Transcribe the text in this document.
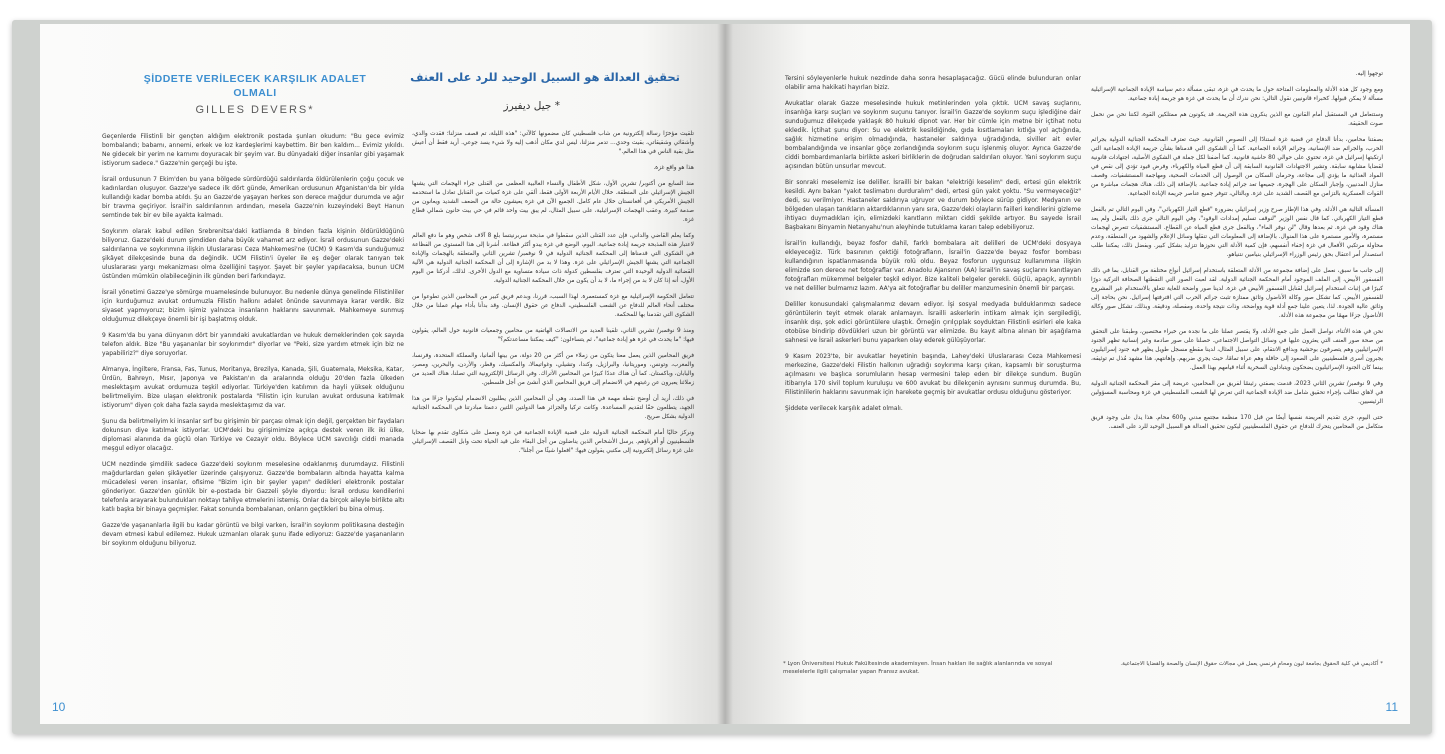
ŞİDDETE VERİLECEK KARŞILIK ADALET OLMALI
GILLES DEVERS*
تحقيق العدالة هو السبيل الوحيد للرد على العنف
* جيل ديفيرز

Geçenlerde Filistinli bir gençten aldığım elektronik postada şunları okudum: "Bu gece evimiz bombalandı; babamı, annemi, erkek ve kız kardeşlerimi kaybettim. Bir ben kaldım... Evimiz yıkıldı. Ne gidecek bir yerim ne karnımı doyuracak bir şeyim var. Bu dünyadaki diğer insanlar gibi yaşamak istiyorum sadece." Gazze'nin gerçeği bu işte.

İsrail ordusunun 7 Ekim'den bu yana bölgede sürdürdüğü saldırılarda öldürülenlerin çoğu çocuk ve kadınlardan oluşuyor. Gazze'ye sadece ilk dört günde, Amerikan ordusunun Afganistan'da bir yılda kullandığı kadar bomba atıldı. Şu an Gazze'de yaşayan herkes son derece mağdur durumda ve ağır bir travma geçiriyor. İsrail'in saldırılarının ardından, mesela Gazze'nin kuzeyindeki Beyt Hanun semtinde tek bir ev bile ayakta kalmadı.

Soykırım olarak kabul edilen Srebrenitsa'daki katliamda 8 binden fazla kişinin öldürüldüğünü biliyoruz. Gazze'deki durum şimdiden daha büyük vahamet arz ediyor. İsrail ordusunun Gazze'deki saldırılarına ve soykırımına ilişkin Uluslararası Ceza Mahkemesi'ne (UCM) 9 Kasım'da sunduğumuz şikâyet dilekçesinde buna da değindik. UCM Filistin'i üyeler ile eş değer olarak tanıyan tek uluslararası yargı mekanizması olma özelliğini taşıyor. Şayet bir şeyler yapılacaksa, bunun UCM üstünden mümkün olabileceğinin ilk günden beri farkındayız.

İsrail yönetimi Gazze'ye sömürge muamelesinde bulunuyor. Bu nedenle dünya genelinde Filistinliler için kurduğumuz avukat ordumuzla Filistin halkını adalet önünde savunmaya karar verdik. Biz siyaset yapmıyoruz; bizim işimiz yalnızca insanların haklarını savunmak. Mahkemeye sunmuş olduğumuz dilekçeye önemli bir işi başlatmış olduk.

9 Kasım'da bu yana dünyanın dört bir yanındaki avukatlardan ve hukuk derneklerinden çok sayıda telefon aldık. Bize "Bu yaşananlar bir soykırımdır" diyorlar ve "Peki, size yardım etmek için biz ne yapabiliriz?" diye soruyorlar.

Almanya, İngiltere, Fransa, Fas, Tunus, Moritanya, Brezilya, Kanada, Şili, Guatemala, Meksika, Katar, Ürdün, Bahreyn, Mısır, Japonya ve Pakistan'ın da aralarında olduğu 20'den fazla ülkeden meslektaşım avukat ordumuza teşkil ediyorlar. Türkiye'den katılımın da hayli yüksek olduğunu belirtmeliyim. Bize ulaşan elektronik postalarda "Filistin için kurulan avukat ordusuna katılmak istiyorum" diyen çok daha fazla sayıda meslektaşımız da var.

Şunu da belirtmeliyim ki insanlar sırf bu girişimin bir parçası olmak için değil, gerçekten bir faydaları dokunsun diye katılmak istiyorlar. UCM'deki bu girişimimize açıkça destek veren ilk iki ülke, diplomasi alanında da güçlü olan Türkiye ve Cezayir oldu. Böylece UCM savcılığı ciddi manada meşgul ediyor olacağız.

UCM nezdinde şimdilik sadece Gazze'deki soykırım meselesine odaklanmış durumdayız. Filistinli mağdurlardan gelen şikâyetler üzerinde çalışıyoruz. Gazze'de bombaların altında hayatta kalma mücadelesi veren insanlar, ofisime "Bizim için bir şeyler yapın" dedikleri elektronik postalar gönderiyor. Gazze'den günlük bir e-postada bir Gazzeli şöyle diyordu: İsrail ordusu kendilerini telefonla arayarak bulundukları noktayı tahliye etmelerini istemiş. Onlar da birçok aileyle birlikte altı katlı başka bir binaya geçmişler. Fakat sonunda bombalanan, onların geçtikleri bu bina olmuş.

Gazze'de yaşananlarla ilgili bu kadar görüntü ve bilgi varken, İsrail'in soykırım politikasına desteğin devam etmesi kabul edilemez. Hukuk uzmanları olarak şunu ifade ediyoruz: Gazze'de yaşananların bir soykırım olduğunu biliyoruz.

تلقيت مؤخرًا رسالة إلكترونية من شاب فلسطيني كان مضمونها كالآتي: "هذه الليلة، تم قصف منزلنا؛ فقدت والدي، وأشقائي وشقيقاتي، بقيت وحدي... تدمر منزلنا، ليس لدي مكان أذهب إليه ولا شيء يسد جوعي. أريد فقط أن أعيش مثل بقية الناس في هذا العالم."

هذا هو واقع غزة.

منذ السابع من أكتوبر/ تشرين الأول، شكل الأطفال والنساء الغالبية العظمى من القتلى جراء الهجمات التي يشنها الجيش الإسرائيلي على المنطقة. خلال الأيام الأربعة الأولى فقط، ألقي على غزة كميات من القنابل تعادل ما استخدمه الجيش الأمريكي في أفغانستان خلال عام كامل. الجميع الآن في غزة يعيشون حالة من الضعف الشديد ويعانون من صدمة كبيرة. وعقب الهجمات الإسرائيلية، على سبيل المثال، لم يبق بيت واحد قائم في حي بيت حانون شمالي قطاع غزة.

وكما يعلم القاضي والداني، فإن عدد القتلى الذين سقطوا في مذبحة سربرنيتسا بلغ 8 آلاف شخص وهو ما دفع العالم لاعتبار هذه المذبحة جريمة إبادة جماعية. اليوم، الوضع في غزة يبدو أكثر فظاعة. أشرنا إلى هذا المستوى من الفظاعة في الشكوى التي قدمناها إلى المحكمة الجنائية الدولية في 9 نوفمبر/ تشرين الثاني والمتعلقة بالهجمات والإبادة الجماعية التي يشنها الجيش الإسرائيلي على غزة. وهذا لا بد من الإشارة إلى أن المحكمة الجنائية الدولية هي الآلية القضائية الدولية الوحيدة التي تعترف بفلسطين كدولة ذات سيادة متساوية مع الدول الأخرى. لذلك، أدركنا من اليوم الأول، أنه إذا كان لا بد من إجراء ما، لا بد أن يكون من خلال المحكمة الجنائية الدولية.

تتعامل الحكومة الإسرائيلية مع غزة كمستعمرة. لهذا السبب، قررنا، وبدعم فريق كبير من المحامين الذين تطوعوا من مختلف أنحاء العالم للدفاع عن الشعب الفلسطيني، الدفاع عن حقوق الإنسان. وقد بدأنا بأداء مهام عملنا من خلال الشكوى التي تقدمنا بها للمحكمة.

ومنذ 9 نوفمبر/ تشرين الثاني، تلقينا العديد من الاتصالات الهاتفية من محامين وجمعيات قانونية حول العالم، يقولون فيها: "ما يحدث في غزة هو إبادة جماعية"، ثم يتساءلون: "كيف يمكننا مساعدتكم؟"

فريق المحامين الذين يعمل معنا يتكون من زملاء من أكثر من 20 دولة، من بينها ألمانيا، والمملكة المتحدة، وفرنسا، والمغرب، وتونس، وموريتانيا، والبرازيل، وكندا، وتشيلي، وغواتيمالا، والمكسيك، وقطر، والأردن، والبحرين، ومصر، واليابان، وباكستان. كما أن هناك عددًا كبيرًا من المحامين الأتراك. وفي الرسائل الإلكترونية التي تصلنا، هناك العديد من زملائنا يعبرون عن رغبتهم في الانضمام إلى فريق المحامين الذي أنشئ من أجل فلسطين.

في ذلك، أريد أن أوضح نقطة مهمة في هذا الصدد، وهي أن المحامين الذين يطلبون الانضمام لينكونوا جزءًا من هذا الجهد، يتطلعون حقًا لتقديم المساعدة. وكانت تركيا والجزائر هما الدولتين اللتين دعمتا مبادرتنا في المحكمة الجنائية الدولية بشكل صريح.

ونركز حاليًا أمام المحكمة الجنائية الدولية على قضية الإبادة الجماعية في غزة ونعمل على شكاوى تقدم بها ضحايا فلسطينيون أو أقرباؤهم. يرسل الأشخاص الذين يناضلون من أجل البقاء على قيد الحياة تحت وابل القصف الإسرائيلي على غزة رسائل إلكترونية إلى مكتبي يقولون فيها: "افعلوا شيئًا من أجلنا".

10

Tersini söyleyenlerle hukuk nezdinde daha sonra hesaplaşacağız. Gücü elinde bulunduran onlar olabilir ama hakikati hayırlan biziz.

Avukatlar olarak Gazze meselesinde hukuk metinlerinden yola çıktık. UCM savaş suçlarını, insanlığa karşı suçları ve soykırım suçunu tanıyor. İsrail'in Gazze'de soykırım suçu işlediğine dair sunduğumuz dilekçede yaklaşık 80 hukuki dipnot var. Her bir cümle için metne bir içtihat notu ekledik. İçtihat şunu diyor: Su ve elektrik kesildiğinde, gıda kısıtlamaları kıtlığa yol açtığında, sağlık hizmetine erişim olmadığında, hastaneler saldırıya uğradığında, siviller ait evler bombalandığında ve insanlar göçe zorlandığında soykırım suçu işlenmiş oluyor. Ayrıca Gazze'de ciddi bombardımanlarla birlikte askeri birliklerin de doğrudan saldırıları oluyor. Yani soykırım suçu açısından bütün unsurlar mevcut.

Bir sonraki meselemiz ise deliller. İsrailli bir bakan "elektriği keseli̇m" dedi, ertesi gün elektrik kesildi. Aynı bakan "yakıt teslimatını durduralım" dedi, ertesi gün yakıt yoktu. "Su vermeyeceğiz" dedi, su verilmiyor. Hastaneler saldırıya uğruyor ve durum böylece sürüp gidiyor. Medyanın ve bölgeden ulaşan tanıkların aktardıklarının yanı sıra, Gazze'deki olayların failleri kendilerini gizleme ihtiyacı duymadıkları için, elimizdeki kanıtların miktarı ciddi şekilde artıyor. Bu sayede İsrail Başbakanı Binyamin Netanyahu'nun aleyhinde tutuklama kararı talep edebiliyoruz.

İsrail'in kullandığı, beyaz fosfor dahil, farklı bombalara ait delilleri de UCM'deki dosyaya ekleyeceğiz. Türk basınının çektiği fotoğrafların, İsrail'in Gazze'de beyaz fosfor bombası kullandığının ispatlanmasında büyük rolü oldu. Beyaz fosforun uygunsuz kullanımına ilişkin elimizde son derece net fotoğraflar var. Anadolu Ajansının (AA) İsrail'in savaş suçlarını kanıtlayan fotoğrafları mükemmel belgeler teşkil ediyor. Bize kaliteli belgeler gerekli. Güçlü, apaçık, ayrıntılı ve net deliller bulmamız lazım. AA'ya ait fotoğraflar bu deliller manzumesinin önemli bir parçası.

Deliller konusundaki çalışmalarımız devam ediyor. İşi sosyal medyada bulduklarımızı sadece görüntülerin teyit etmek olarak anlamayın. İsrailli askerlerin intikam almak için sergilediği, insanlık dışı, şok edici görüntülere ulaştık. Örneğin çırılçıplak soyduktan Filistinli esirleri ele kaka otobüse bindirip dövdükleri uzun bir görüntü var elimizde. Bu kayıt altına alınan bir aşağılama sahnesi ve İsrail askerleri bunu yaparken olay ederek gülüşüyorlar.

9 Kasım 2023'te, bir avukatlar heyetinin başında, Lahey'deki Uluslararası Ceza Mahkemesi merkezine, Gazze'deki Filistin halkının uğradığı soykırıma karşı çıkan, kapsamlı bir soruşturma açılmasını ve başlıca sorumluların hesap vermesini talep eden bir dilekçe sundum. Bugün itibarıyla 170 sivil toplum kuruluşu ve 600 avukat bu dilekçenin aynısını sunmuş durumda. Bu, Filistinlilerin haklarını savunmak için harekete geçmiş bir avukatlar ordusu olduğunu gösteriyor.

Şiddete verilecek karşılık adalet olmalı.

* Lyon Üniversitesi Hukuk Fakültesinde akademisyen. İnsan hakları ile sağlık alanlarında ve sosyal meselelerle ilgili çalışmalar yapan Fransız avukat.

توجهوا إليه.

ومع وجود كل هذه الأدلة والمعلومات المتاحة حول ما يحدث في غزة، تبقى مسألة دعم سياسة الإبادة الجماعية الإسرائيلية مسألة لا يمكن قبولها. كخبراء قانونيين نقول التالي: نحن ندرك أن ما يحدث في غزة هو جريمة إبادة جماعية.

وستتعامل في المستقبل أمام القانون مع الذين ينكرون هذه الجريمة. قد يكونون هم ممتلكين القوة، لكننا نحن من نحمل صوت الحقيقة.

بصفتنا محامين، بدأنا الدفاع عن قضية غزة استنادًا إلى النصوص القانونية. حيث تعترف المحكمة الجنائية الدولية بجرائم الحرب، والجرائم ضد الإنسانية، وجرائم الإبادة الجماعية. كما أن الشكوى التي قدمناها بشأن جريمة الإبادة الجماعية التي ارتكبتها إسرائيل في غزة، تحتوي على حوالي 80 حاشية قانونية. كما أضفنا لكل جملة في الشكوى الأصلية، اجتهادات قانونية لقضايا مشابهة سابقة. وتشير الاجتهادات القانونية السابقة إلى أن قطع المياه والكهرباء، وفرض قيود تؤدي إلى نقص في المواد الغذائية ما يؤدي إلى مجاعة، وحرمان السكان من الوصول إلى الخدمات الصحية، ومهاجمة المستشفيات، وقصف منازل المدنيين، وإجبار السكان على الهجرة، جميعها تعد جرائم إبادة جماعية. بالإضافة إلى ذلك، هناك هجمات مباشرة من القوات العسكرية بالتزامن مع القصف الشديد على غزة. وبالتالي، تتوفر جميع عناصر جريمة الإبادة الجماعية.

المسألة التالية هي الأدلة. وفي هذا الإطار صرح وزير إسرائيلي بضرورة "قطع التيار الكهربائي"، وفي اليوم التالي تم بالفعل قطع التيار الكهربائي. كما قال نفس الوزير "لنوقف تسليم إمدادات الوقود"، وفي اليوم التالي جرى ذلك بالفعل ولم يعد هناك وقود في غزة. ثم بعدها وقال "لن نوفر الماء"، وبالفعل جرى قطع المياه عن القطاع. المستشفيات تتعرض لهجمات مستمرة، والأمور مستمرة على هذا المنوال. بالإضافة إلى المعلومات التي تنقلها وسائل الإعلام والشهود من المنطقة، وعدم محاولة مرتكبي الأفعال في غزة إخفاء أنفسهم، فإن كمية الأدلة التي نحوزها تتزايد بشكل كبير. وبفضل ذلك، يمكننا طلب استصدار أمر اعتقال بحق رئيس الوزراء الإسرائيلي بنيامين نتنياهو.

إلى جانب ما سبق، نعمل على إضافة مجموعة من الأدلة المتعلقة باستخدام إسرائيل أنواع مختلفة من القنابل، بما في ذلك الفسفور الأبيض، إلى الملف الموجود أمام المحكمة الجنائية الدولية. لقد لعبت الصور التي التقطتها الصحافة التركية دورًا كبيرًا في إثبات استخدام إسرائيل لقنابل الفسفور الأبيض في غزة. لدينا صور واضحة للغاية تتعلق بالاستخدام غير المشروع للفسفور الأبيض. كما تشكل صور وكالة الأناضول وثائق ممتازة تثبت جرائم الحرب التي اقترفتها إسرائيل. نحن بحاجة إلى وثائق عالية الجودة. لذا، يتعين علينا جمع أدلة قوية وواضحة، وذات نتيجة واحدة، ومفصلة، ودقيقة. وبذلك، تشكل صور وكالة الأناضول جزءًا مهمًا من مجموعة هذه الأدلة.

نحن في هذه الأثناء، نواصل العمل على جمع الأدلة، ولا يقتصر عملنا على ما نجده من خبراء مختصين، وطبقنا على التحقق من صحة صور العنف التي يعثرون عليها في وسائل التواصل الاجتماعي. حصلنا على صور صادمة وغير إنسانية تظهر الجنود الإسرائيليين وهم يتصرفون بوحشية وبدافع الانتقام، على سبيل المثال، لدينا مقطع مسجل طويل يظهر فيه جنود إسرائيليون يجبرون أسرى فلسطينيين على الصعود إلى حافلة وهم عراة تمامًا، حيث يجري ضربهم. وإهانتهم، هذا مشهد مُذل تم توثيقه، بينما كان الجنود الإسرائيليون يضحكون ويتبادلون السخرية أثناء قيامهم بهذا العمل.

وفي 9 نوفمبر/ تشرين الثاني 2023، قدمت بصفتي رئيسًا لفريق من المحامين، عريضة إلى مقر المحكمة الجنائية الدولية في لاهاي تطالب بإجراء تحقيق شامل ضد الإبادة الجماعية التي تعرض لها الشعب الفلسطيني في غزة ومحاسبة المسؤولين الرئيسيين.

حتى اليوم، جرى تقديم العريضة نفسها أيضًا من قبل 170 منظمة مجتمع مدني و600 محام. هذا يدل على وجود فريق متكامل من المحامين يتحرك للدفاع عن حقوق الفلسطينيين ليكون تحقيق العدالة هو السبيل الوحيد للرد على العنف.

* أكاديمي في كلية الحقوق بجامعة ليون ومحامٍ فرنسي يعمل في مجالات حقوق الإنسان والصحة والقضايا الاجتماعية.
11
